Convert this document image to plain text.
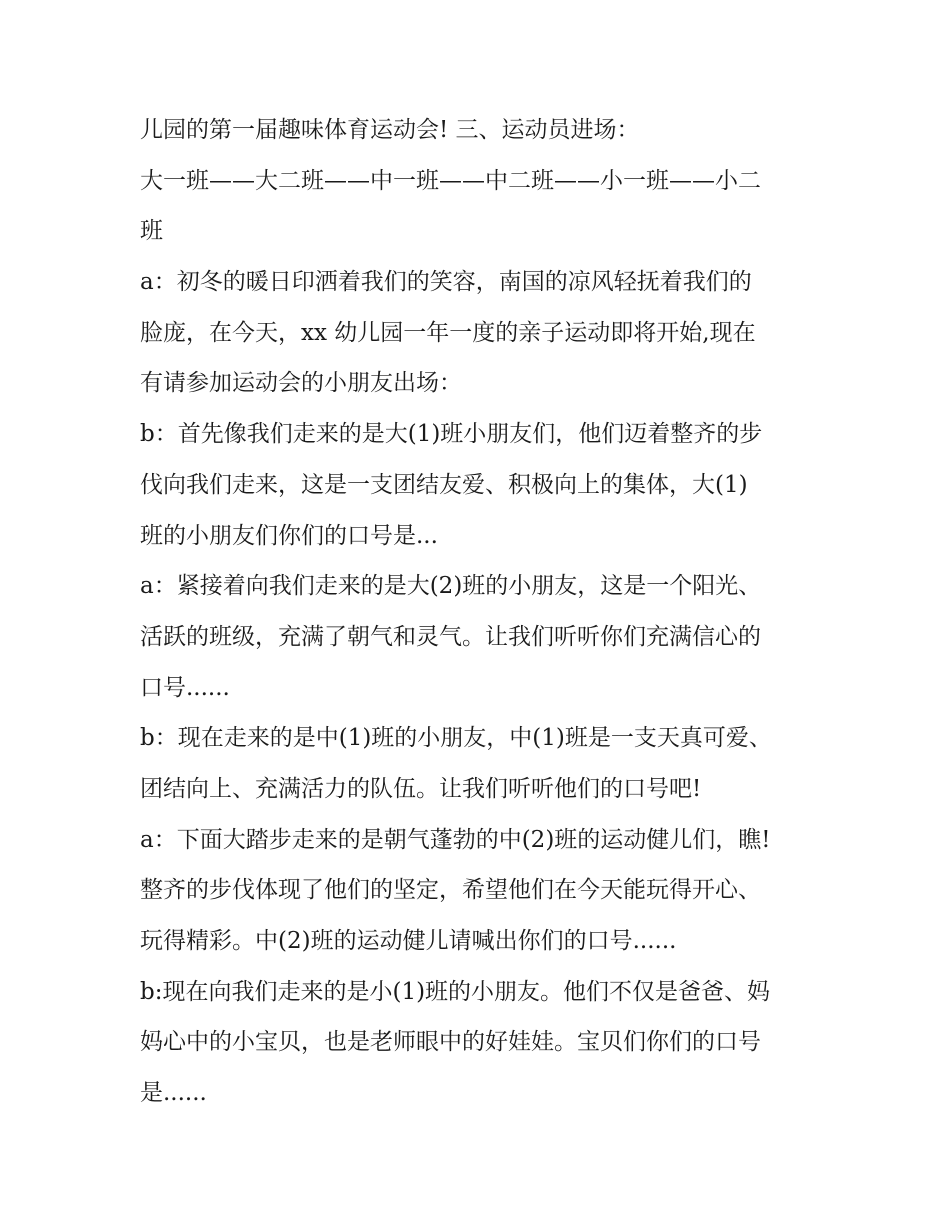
儿园的第一届趣味体育运动会! 三、运动员进场：
大一班——大二班——中一班——中二班——小一班——小二
班
a：初冬的暖日印洒着我们的笑容，南国的凉风轻抚着我们的
脸庞，在今天，xx 幼儿园一年一度的亲子运动即将开始,现在
有请参加运动会的小朋友出场：
b：首先像我们走来的是大(1)班小朋友们，他们迈着整齐的步
伐向我们走来，这是一支团结友爱、积极向上的集体，大(1)
班的小朋友们你们的口号是...
a：紧接着向我们走来的是大(2)班的小朋友，这是一个阳光、
活跃的班级，充满了朝气和灵气。让我们听听你们充满信心的
口号......
b：现在走来的是中(1)班的小朋友，中(1)班是一支天真可爱、
团结向上、充满活力的队伍。让我们听听他们的口号吧!
a：下面大踏步走来的是朝气蓬勃的中(2)班的运动健儿们，瞧!
整齐的步伐体现了他们的坚定，希望他们在今天能玩得开心、
玩得精彩。中(2)班的运动健儿请喊出你们的口号......
b:现在向我们走来的是小(1)班的小朋友。他们不仅是爸爸、妈
妈心中的小宝贝，也是老师眼中的好娃娃。宝贝们你们的口号
是......
